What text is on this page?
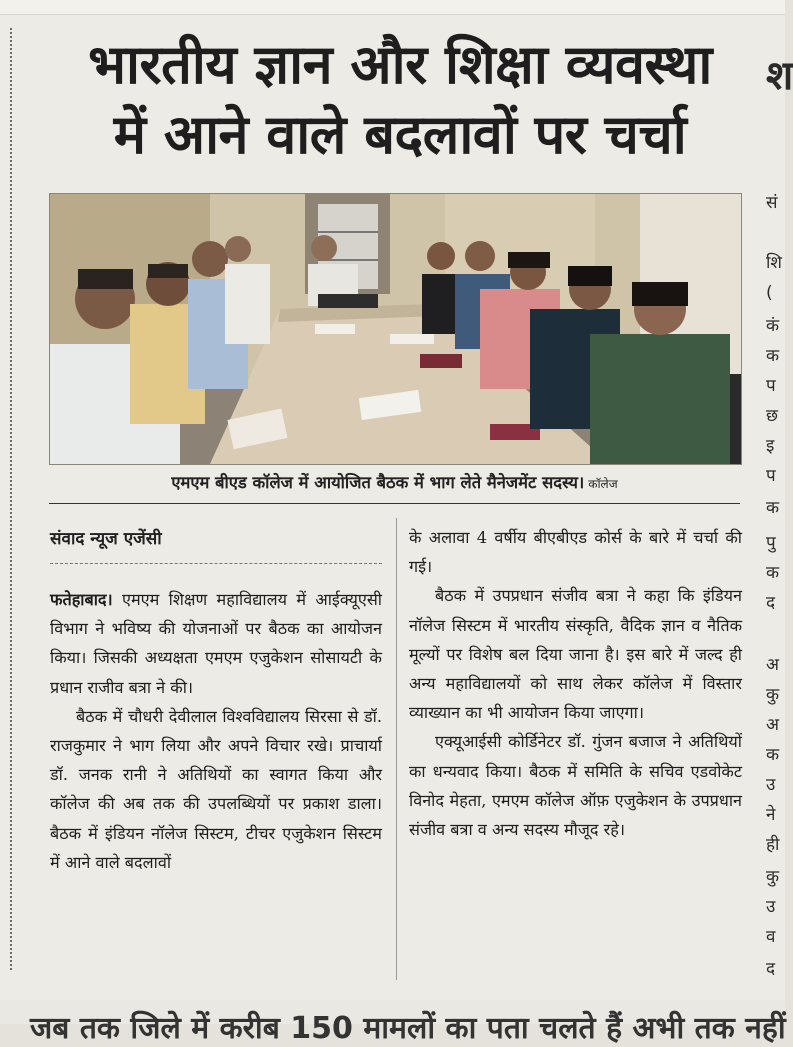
भारतीय ज्ञान और शिक्षा व्यवस्था
में आने वाले बदलावों पर चर्चा
एमएम बीएड कॉलेज में आयोजित बैठक में भाग लेते मैनेजमेंट सदस्य। कॉलेज
संवाद न्यूज एजेंसी

फतेहाबाद। एमएम शिक्षण महाविद्यालय में आईक्यूएसी विभाग ने भविष्य की योजनाओं पर बैठक का आयोजन किया। जिसकी अध्यक्षता एमएम एजुकेशन सोसायटी के प्रधान राजीव बत्रा ने की।

बैठक में चौधरी देवीलाल विश्वविद्यालय सिरसा से डॉ. राजकुमार ने भाग लिया और अपने विचार रखे। प्राचार्या डॉ. जनक रानी ने अतिथियों का स्वागत किया और कॉलेज की अब तक की उपलब्धियों पर प्रकाश डाला। बैठक में इंडियन नॉलेज सिस्टम, टीचर एजुकेशन सिस्टम में आने वाले बदलावों

के अलावा 4 वर्षीय बीएबीएड कोर्स के बारे में चर्चा की गई।

बैठक में उपप्रधान संजीव बत्रा ने कहा कि इंडियन नॉलेज सिस्टम में भारतीय संस्कृति, वैदिक ज्ञान व नैतिक मूल्यों पर विशेष बल दिया जाना है। इस बारे में जल्द ही अन्य महाविद्यालयों को साथ लेकर कॉलेज में विस्तार व्याख्यान का भी आयोजन किया जाएगा।

एक्यूआईसी कोर्डिनेटर डॉ. गुंजन बजाज ने अतिथियों का धन्यवाद किया। बैठक में समिति के सचिव एडवोकेट विनोद मेहता, एमएम कॉलेज ऑफ़ एजुकेशन के उपप्रधान संजीव बत्रा व अन्य सदस्य मौजूद रहे।

श
सं
शि
(
कं
क
प
छ
इ
प
क
पु
क
द
अ
कु
अ
क
उ
ने
ही
कु
उ
व
द
जब तक जिले में करीब 150 मामलों का पता चलते हैं अभी तक नहीं
